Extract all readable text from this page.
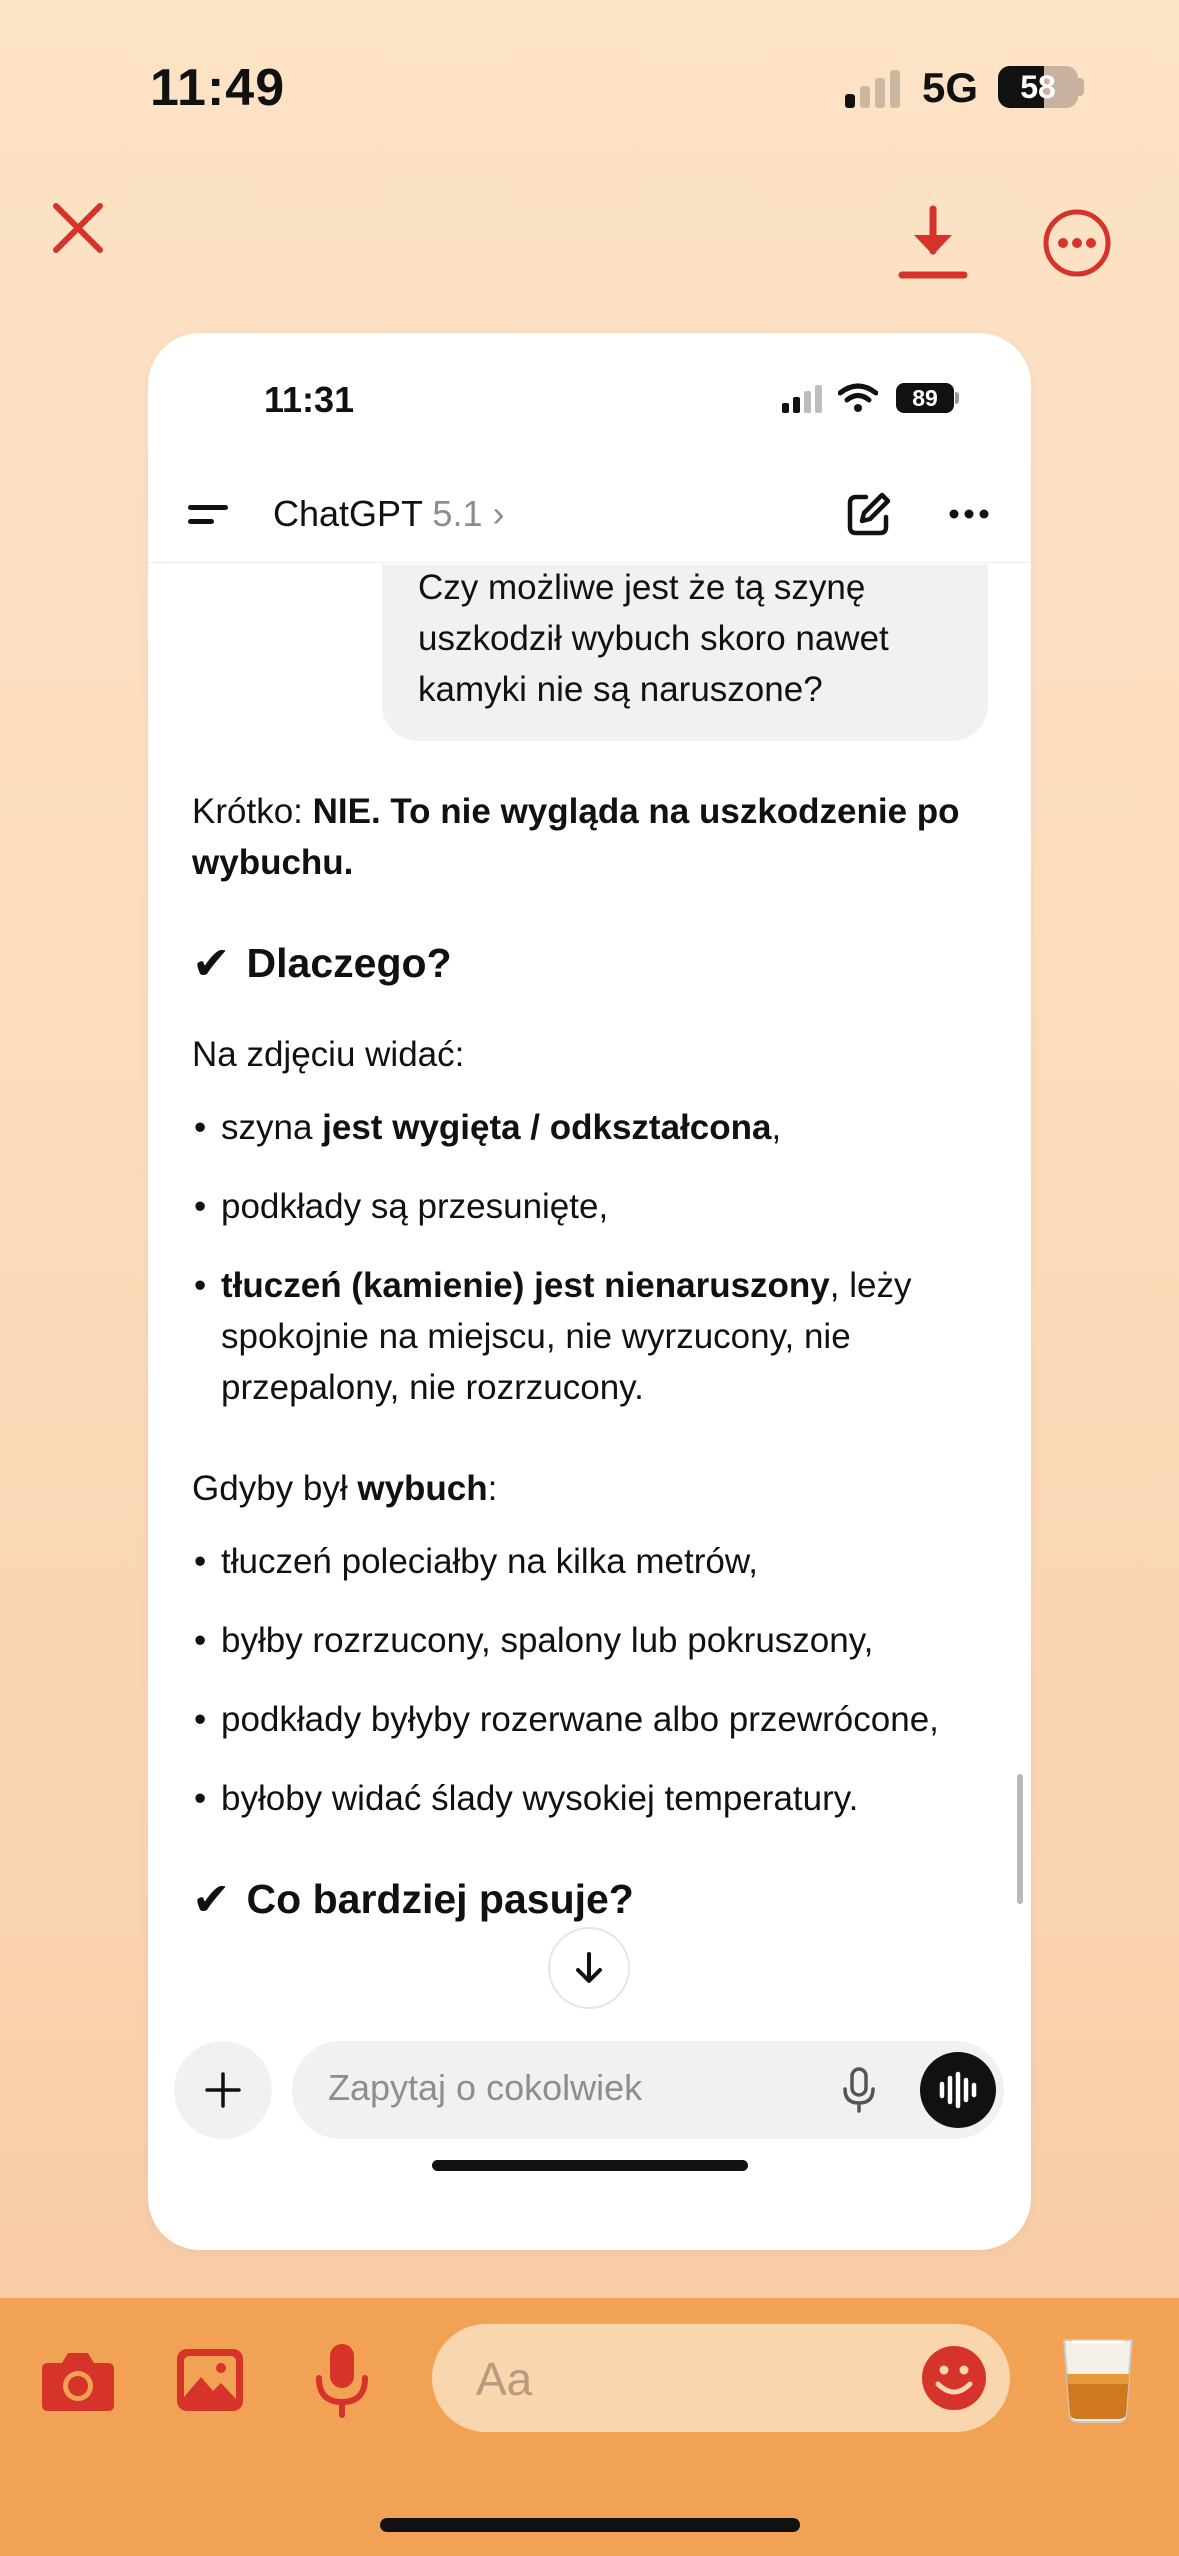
11:49	5G	58
11:31	89
ChatGPT 5.1 ›
Czy możliwe jest że tą szynę uszkodził wybuch skoro nawet kamyki nie są naruszone?

Krótko: NIE. To nie wygląda na uszkodzenie po wybuchu.

✔ Dlaczego?

Na zdjęciu widać:

• szyna jest wygięta / odkształcona,
• podkłady są przesunięte,
• tłuczeń (kamienie) jest nienaruszony, leży spokojnie na miejscu, nie wyrzucony, nie przepalony, nie rozrzucony.

Gdyby był wybuch:

• tłuczeń poleciałby na kilka metrów,
• byłby rozrzucony, spalony lub pokruszony,
• podkłady byłyby rozerwane albo przewrócone,
• byłoby widać ślady wysokiej temperatury.
✔ Co bardziej pasuje?
Zapytaj o cokolwiek
Aa
